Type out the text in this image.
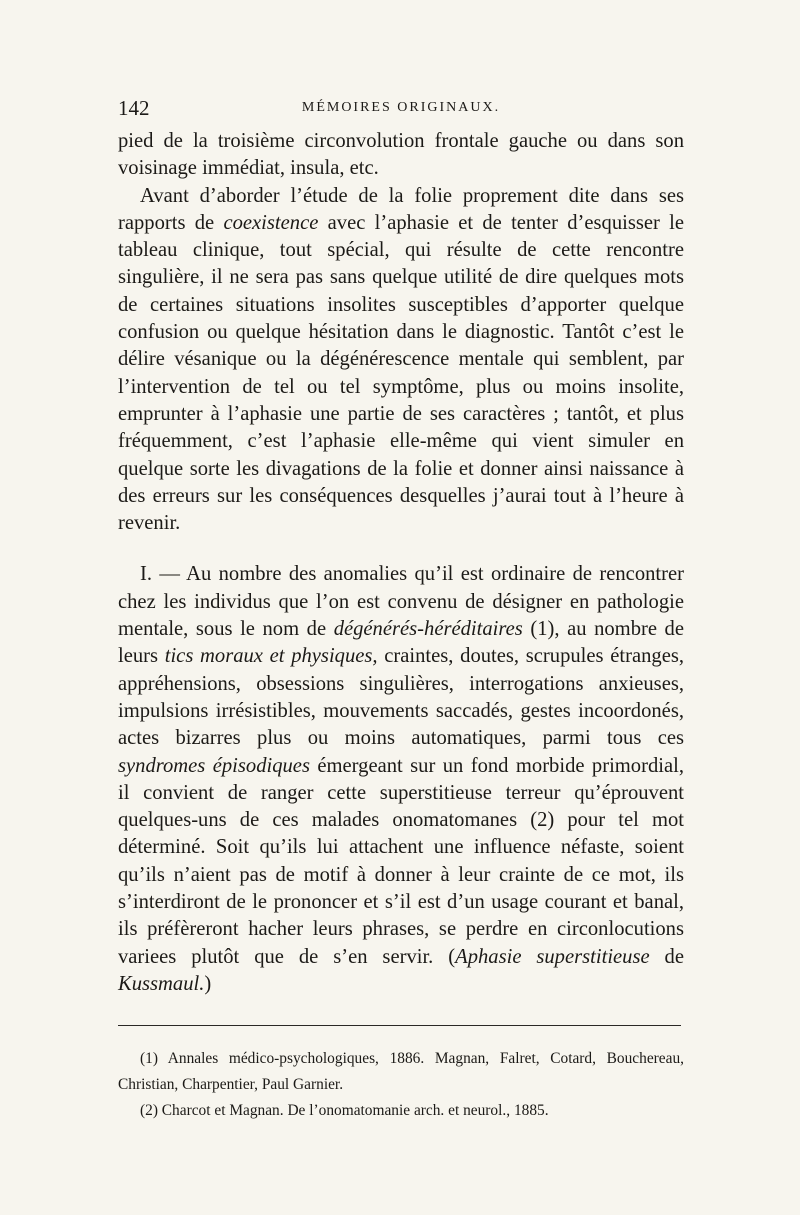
142	MÉMOIRES ORIGINAUX.

pied de la troisième circonvolution frontale gauche ou dans son voisinage immédiat, insula, etc.

Avant d’aborder l’étude de la folie proprement dite dans ses rapports de coexistence avec l’aphasie et de tenter d’esquisser le tableau clinique, tout spécial, qui résulte de cette rencontre singulière, il ne sera pas sans quelque utilité de dire quelques mots de certaines situations insolites susceptibles d’apporter quelque confusion ou quelque hésitation dans le diagnostic. Tantôt c’est le délire vésanique ou la dégénérescence mentale qui semblent, par l’intervention de tel ou tel symptôme, plus ou moins insolite, emprunter à l’aphasie une partie de ses caractères ; tantôt, et plus fréquemment, c’est l’aphasie elle-même qui vient simuler en quelque sorte les divagations de la folie et donner ainsi naissance à des erreurs sur les conséquences desquelles j’aurai tout à l’heure à revenir.

I. — Au nombre des anomalies qu’il est ordinaire de rencontrer chez les individus que l’on est convenu de désigner en pathologie mentale, sous le nom de dégénérés-héréditaires (1), au nombre de leurs tics moraux et physiques, craintes, doutes, scrupules étranges, appréhensions, obsessions singulières, interrogations anxieuses, impulsions irrésistibles, mouvements saccadés, gestes incoordonés, actes bizarres plus ou moins automatiques, parmi tous ces syndromes épisodiques émergeant sur un fond morbide primordial, il convient de ranger cette superstitieuse terreur qu’éprouvent quelques-uns de ces malades onomatomanes (2) pour tel mot déterminé. Soit qu’ils lui attachent une influence néfaste, soient qu’ils n’aient pas de motif à donner à leur crainte de ce mot, ils s’interdiront de le prononcer et s’il est d’un usage courant et banal, ils préfèreront hacher leurs phrases, se perdre en circonlocutions variees plutôt que de s’en servir. (Aphasie superstitieuse de Kussmaul.)

(1) Annales médico-psychologiques, 1886. Magnan, Falret, Cotard, Bouchereau, Christian, Charpentier, Paul Garnier.

(2) Charcot et Magnan. De l’onomatomanie arch. et neurol., 1885.
